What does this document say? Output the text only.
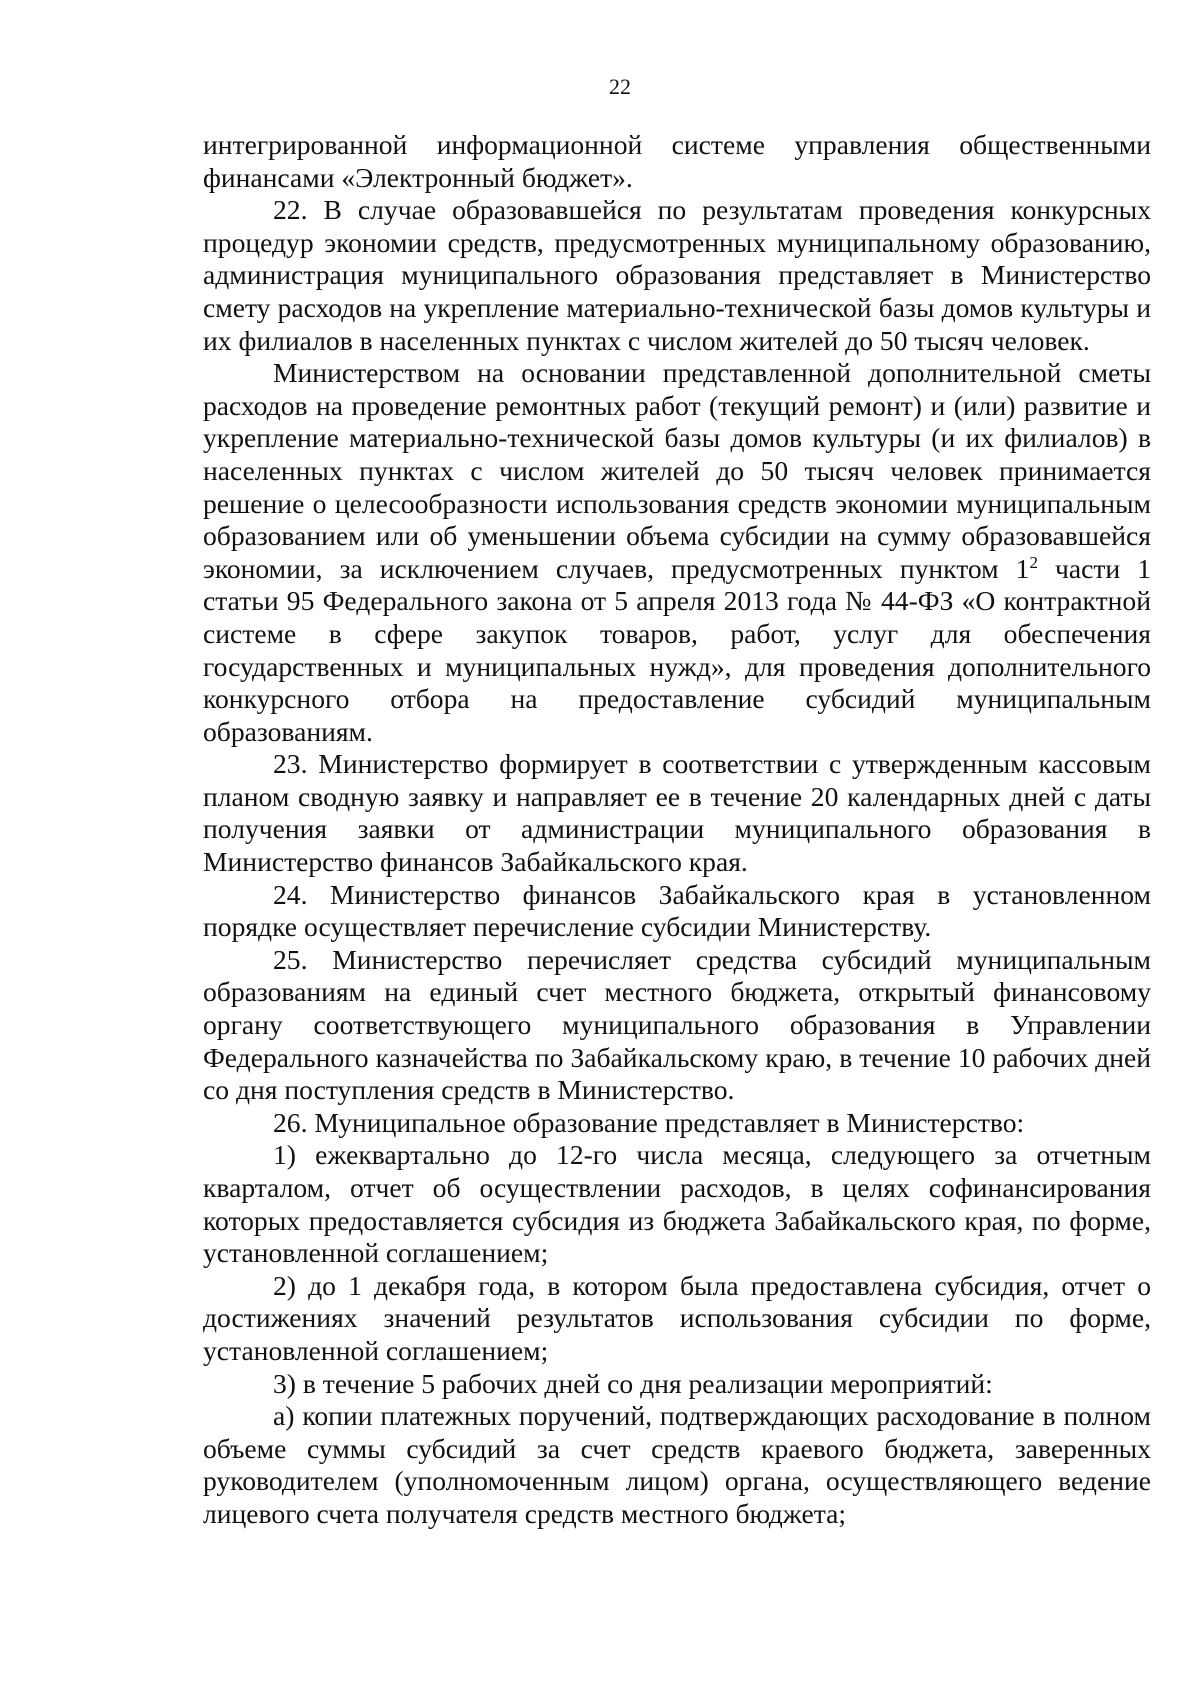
22

интегрированной информационной системе управления общественными финансами «Электронный бюджет».

22. В случае образовавшейся по результатам проведения конкурсных процедур экономии средств, предусмотренных муниципальному образованию, администрация муниципального образования представляет в Министерство смету расходов на укрепление материально-технической базы домов культуры и их филиалов в населенных пунктах с числом жителей до 50 тысяч человек.

Министерством на основании представленной дополнительной сметы расходов на проведение ремонтных работ (текущий ремонт) и (или) развитие и укрепление материально-технической базы домов культуры (и их филиалов) в населенных пунктах с числом жителей до 50 тысяч человек принимается решение о целесообразности использования средств экономии муниципальным образованием или об уменьшении объема субсидии на сумму образовавшейся экономии, за исключением случаев, предусмотренных пунктом $1^2$ части 1 статьи 95 Федерального закона от 5 апреля 2013 года № 44-ФЗ «О контрактной системе в сфере закупок товаров, работ, услуг для обеспечения государственных и муниципальных нужд», для проведения дополнительного конкурсного отбора на предоставление субсидий муниципальным образованиям.

23. Министерство формирует в соответствии с утвержденным кассовым планом сводную заявку и направляет ее в течение 20 календарных дней с даты получения заявки от администрации муниципального образования в Министерство финансов Забайкальского края.

24. Министерство финансов Забайкальского края в установленном порядке осуществляет перечисление субсидии Министерству.

25. Министерство перечисляет средства субсидий муниципальным образованиям на единый счет местного бюджета, открытый финансовому органу соответствующего муниципального образования в Управлении Федерального казначейства по Забайкальскому краю, в течение 10 рабочих дней со дня поступления средств в Министерство.

26. Муниципальное образование представляет в Министерство:

1) ежеквартально до 12-го числа месяца, следующего за отчетным кварталом, отчет об осуществлении расходов, в целях софинансирования которых предоставляется субсидия из бюджета Забайкальского края, по форме, установленной соглашением;

2) до 1 декабря года, в котором была предоставлена субсидия, отчет о достижениях значений результатов использования субсидии по форме, установленной соглашением;

3) в течение 5 рабочих дней со дня реализации мероприятий:

а) копии платежных поручений, подтверждающих расходование в полном объеме суммы субсидий за счет средств краевого бюджета, заверенных руководителем (уполномоченным лицом) органа, осуществляющего ведение лицевого счета получателя средств местного бюджета;
